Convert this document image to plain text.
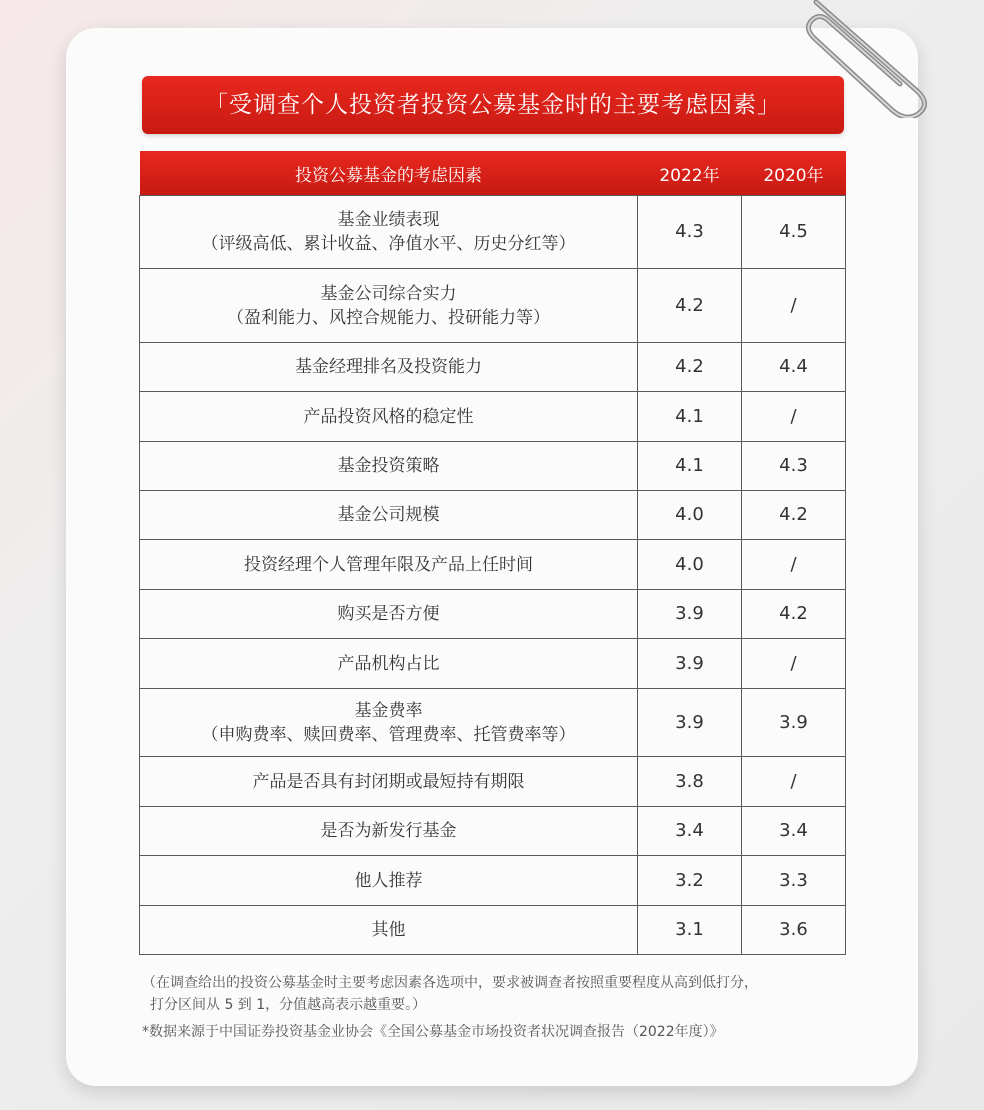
「受调查个人投资者投资公募基金时的主要考虑因素」
投资公募基金的考虑因素	2022年	2020年

基金业绩表现
（评级高低、累计收益、净值水平、历史分红等）	4.3	4.5

基金公司综合实力
（盈利能力、风控合规能力、投研能力等）	4.2	/
基金经理排名及投资能力	4.2	4.4
产品投资风格的稳定性	4.1	/
基金投资策略	4.1	4.3
基金公司规模	4.0	4.2
投资经理个人管理年限及产品上任时间	4.0	/
购买是否方便	3.9	4.2
产品机构占比	3.9	/

基金费率
（申购费率、赎回费率、管理费率、托管费率等）	3.9	3.9
产品是否具有封闭期或最短持有期限	3.8	/
是否为新发行基金	3.4	3.4
他人推荐	3.2	3.3
其他	3.1	3.6
（在调查给出的投资公募基金时主要考虑因素各选项中，要求被调查者按照重要程度从高到低打分，
打分区间从 5 到 1，分值越高表示越重要。）
*数据来源于中国证券投资基金业协会《全国公募基金市场投资者状况调查报告（2022年度）》
